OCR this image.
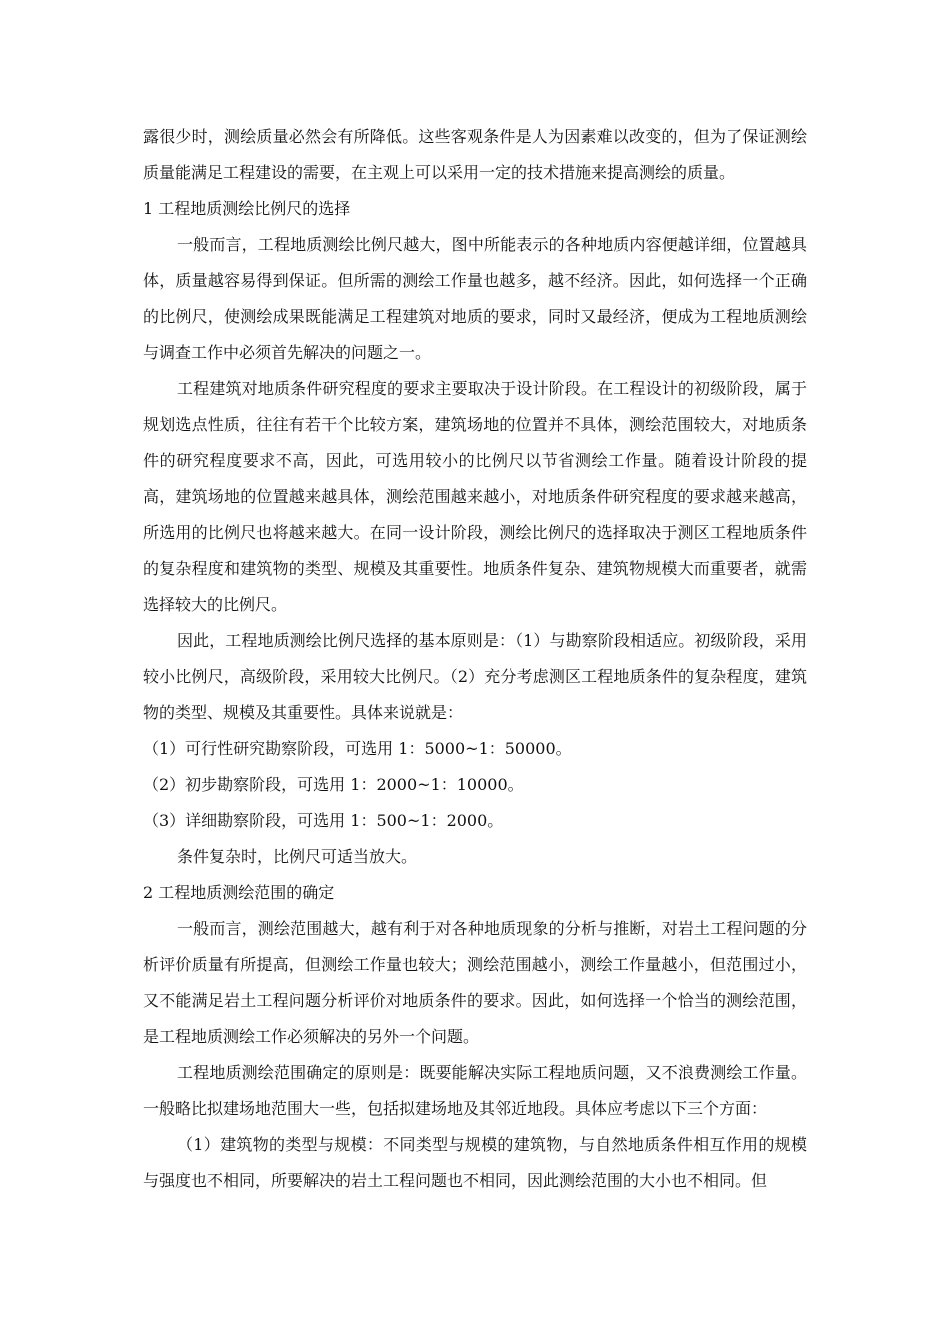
露很少时，测绘质量必然会有所降低。这些客观条件是人为因素难以改变的，但为了保证测绘质量能满足工程建设的需要，在主观上可以采用一定的技术措施来提高测绘的质量。

1 工程地质测绘比例尺的选择

一般而言，工程地质测绘比例尺越大，图中所能表示的各种地质内容便越详细，位置越具体，质量越容易得到保证。但所需的测绘工作量也越多，越不经济。因此，如何选择一个正确的比例尺，使测绘成果既能满足工程建筑对地质的要求，同时又最经济，便成为工程地质测绘与调查工作中必须首先解决的问题之一。

工程建筑对地质条件研究程度的要求主要取决于设计阶段。在工程设计的初级阶段，属于规划选点性质，往往有若干个比较方案，建筑场地的位置并不具体，测绘范围较大，对地质条件的研究程度要求不高，因此，可选用较小的比例尺以节省测绘工作量。随着设计阶段的提高，建筑场地的位置越来越具体，测绘范围越来越小，对地质条件研究程度的要求越来越高，所选用的比例尺也将越来越大。在同一设计阶段，测绘比例尺的选择取决于测区工程地质条件的复杂程度和建筑物的类型、规模及其重要性。地质条件复杂、建筑物规模大而重要者，就需选择较大的比例尺。

因此，工程地质测绘比例尺选择的基本原则是：（1）与勘察阶段相适应。初级阶段，采用较小比例尺，高级阶段，采用较大比例尺。（2）充分考虑测区工程地质条件的复杂程度，建筑物的类型、规模及其重要性。具体来说就是：

（1）可行性研究勘察阶段，可选用 1：5000~1：50000。

（2）初步勘察阶段，可选用 1：2000~1：10000。

（3）详细勘察阶段，可选用 1：500~1：2000。

条件复杂时，比例尺可适当放大。

2 工程地质测绘范围的确定

一般而言，测绘范围越大，越有利于对各种地质现象的分析与推断，对岩土工程问题的分析评价质量有所提高，但测绘工作量也较大；测绘范围越小，测绘工作量越小，但范围过小，又不能满足岩土工程问题分析评价对地质条件的要求。因此，如何选择一个恰当的测绘范围，是工程地质测绘工作必须解决的另外一个问题。

工程地质测绘范围确定的原则是：既要能解决实际工程地质问题，又不浪费测绘工作量。一般略比拟建场地范围大一些，包括拟建场地及其邻近地段。具体应考虑以下三个方面：

（1）建筑物的类型与规模：不同类型与规模的建筑物，与自然地质条件相互作用的规模与强度也不相同，所要解决的岩土工程问题也不相同，因此测绘范围的大小也不相同。但
